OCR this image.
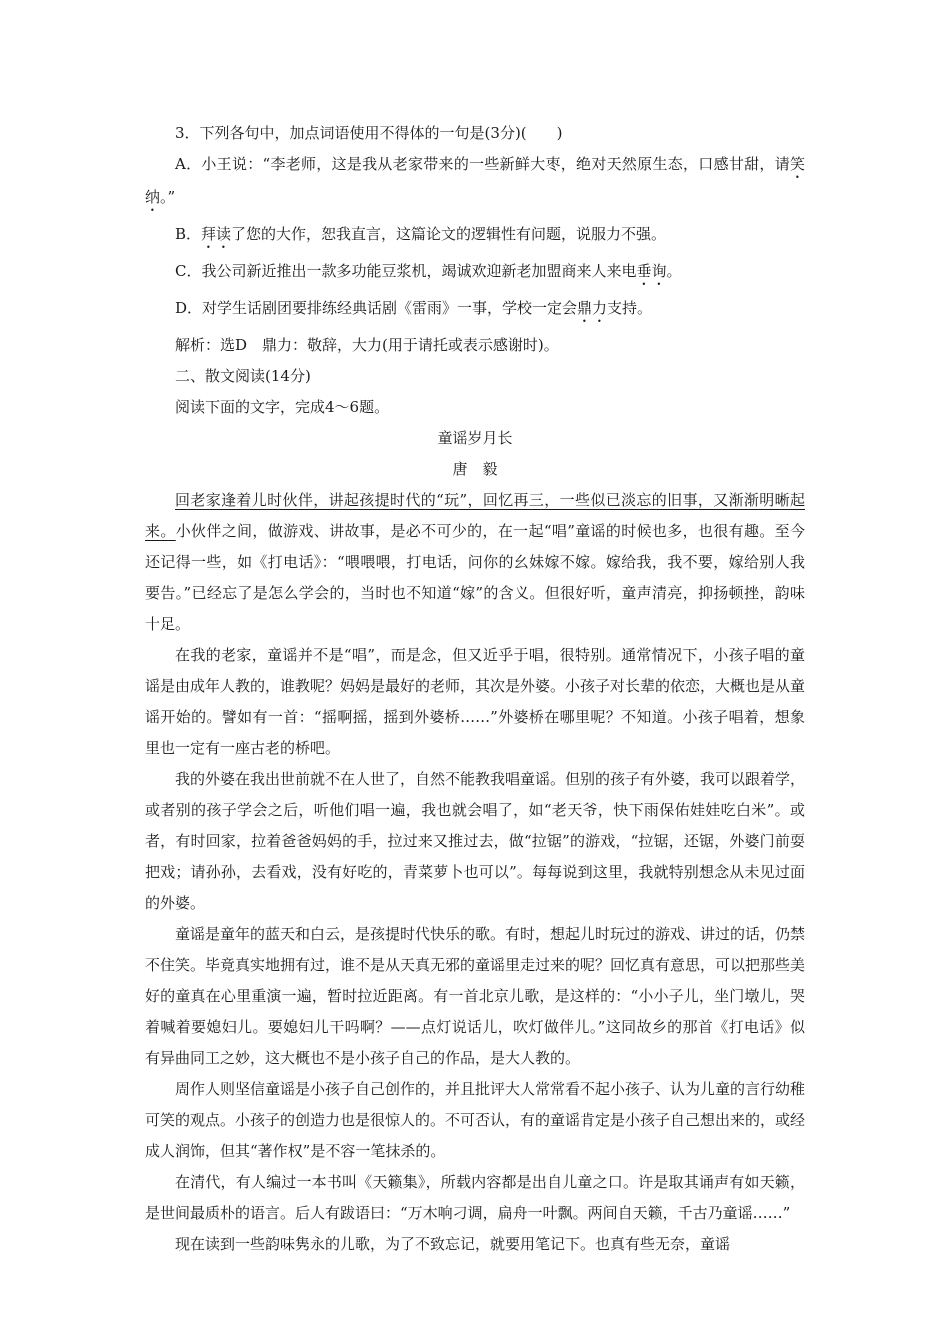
3．下列各句中，加点词语使用不得体的一句是(3分)(　　)
A．小王说：“李老师，这是我从老家带来的一些新鲜大枣，绝对天然原生态，口感甘甜，请笑纳。”
B．拜读了您的大作，恕我直言，这篇论文的逻辑性有问题，说服力不强。
C．我公司新近推出一款多功能豆浆机，竭诚欢迎新老加盟商来人来电垂询。
D．对学生话剧团要排练经典话剧《雷雨》一事，学校一定会鼎力支持。
解析：选D　鼎力：敬辞，大力(用于请托或表示感谢时)。
二、散文阅读(14分)
阅读下面的文字，完成4～6题。
童谣岁月长
唐毅
回老家逢着儿时伙伴，讲起孩提时代的“玩”，回忆再三，一些似已淡忘的旧事，又渐渐明晰起来。小伙伴之间，做游戏、讲故事，是必不可少的，在一起“唱”童谣的时候也多，也很有趣。至今还记得一些，如《打电话》：“喂喂喂，打电话，问你的幺妹嫁不嫁。嫁给我，我不要，嫁给别人我要告。”已经忘了是怎么学会的，当时也不知道“嫁”的含义。但很好听，童声清亮，抑扬顿挫，韵味十足。
在我的老家，童谣并不是“唱”，而是念，但又近乎于唱，很特别。通常情况下，小孩子唱的童谣是由成年人教的，谁教呢？妈妈是最好的老师，其次是外婆。小孩子对长辈的依恋，大概也是从童谣开始的。譬如有一首：“摇啊摇，摇到外婆桥……”外婆桥在哪里呢？不知道。小孩子唱着，想象里也一定有一座古老的桥吧。
我的外婆在我出世前就不在人世了，自然不能教我唱童谣。但别的孩子有外婆，我可以跟着学，或者别的孩子学会之后，听他们唱一遍，我也就会唱了，如“老天爷，快下雨保佑娃娃吃白米”。或者，有时回家，拉着爸爸妈妈的手，拉过来又推过去，做“拉锯”的游戏，“拉锯，还锯，外婆门前耍把戏；请孙孙，去看戏，没有好吃的，青菜萝卜也可以”。每每说到这里，我就特别想念从未见过面的外婆。
童谣是童年的蓝天和白云，是孩提时代快乐的歌。有时，想起儿时玩过的游戏、讲过的话，仍禁不住笑。毕竟真实地拥有过，谁不是从天真无邪的童谣里走过来的呢？回忆真有意思，可以把那些美好的童真在心里重演一遍，暂时拉近距离。有一首北京儿歌，是这样的：“小小子儿，坐门墩儿，哭着喊着要媳妇儿。要媳妇儿干吗啊？——点灯说话儿，吹灯做伴儿。”这同故乡的那首《打电话》似有异曲同工之妙，这大概也不是小孩子自己的作品，是大人教的。
周作人则坚信童谣是小孩子自己创作的，并且批评大人常常看不起小孩子、认为儿童的言行幼稚可笑的观点。小孩子的创造力也是很惊人的。不可否认，有的童谣肯定是小孩子自己想出来的，或经成人润饰，但其“著作权”是不容一笔抹杀的。
在清代，有人编过一本书叫《天籁集》，所载内容都是出自儿童之口。许是取其诵声有如天籁，是世间最质朴的语言。后人有跋语曰：“万木响刁调，扁舟一叶飘。两间自天籁，千古乃童谣……”
现在读到一些韵味隽永的儿歌，为了不致忘记，就要用笔记下。也真有些无奈，童谣
